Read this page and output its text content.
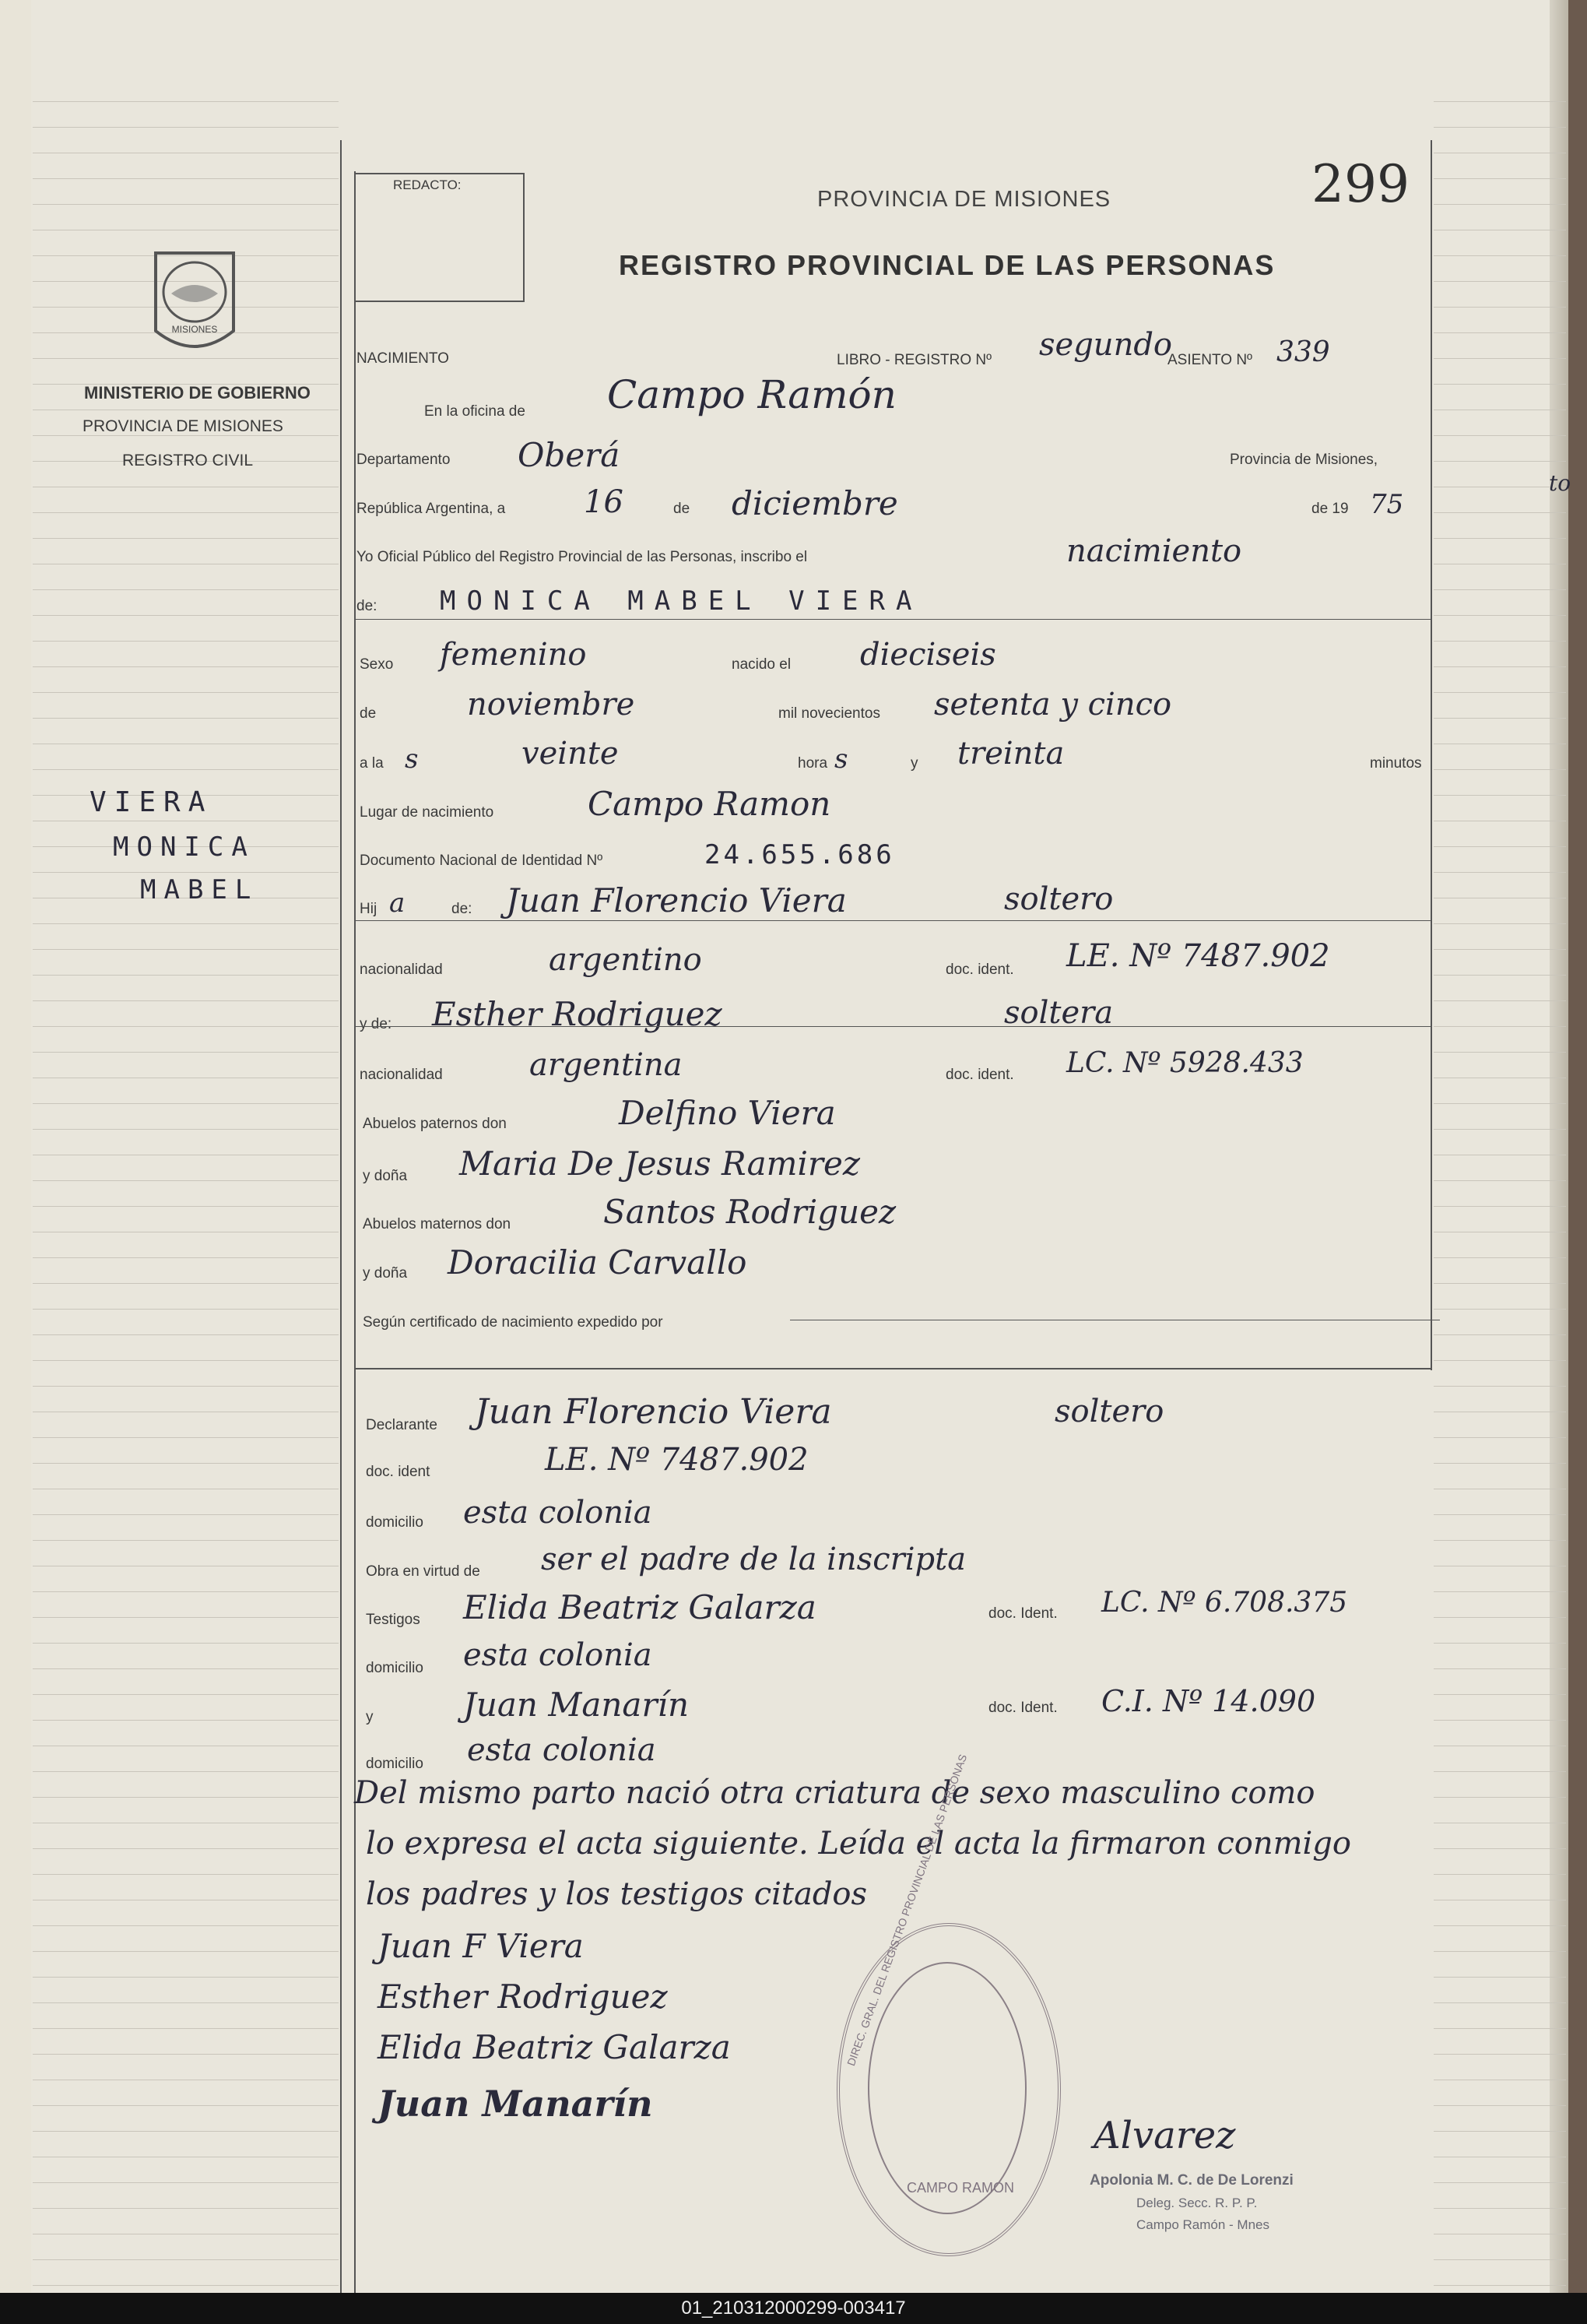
REDACTO:
PROVINCIA DE MISIONES
REGISTRO PROVINCIAL DE LAS PERSONAS
299
MISIONES
MINISTERIO DE GOBIERNO
PROVINCIA DE MISIONES
REGISTRO CIVIL
VIERA
MONICA
MABEL
to
NACIMIENTO	LIBRO - REGISTRO Nº segundo
ASIENTO Nº 339
En la oficina de Campo Ramón
Departamento Oberá	Provincia de Misiones,
República Argentina, a	16	de diciembre	de 19 75
Yo Oficial Público del Registro Provincial de las Personas, inscribo el	nacimiento
de: MONICA MABEL VIERA
Sexo femenino	nacido el dieciseis
de	noviembre	mil novecientos setenta y cinco
a la s	veinte	hora s	y treinta	minutos
Lugar de nacimiento	Campo Ramon
Documento Nacional de Identidad Nº	24.655.686
Hij a	de: Juan Florencio Viera	soltero
nacionalidad	argentino	doc. ident. LE. Nº 7487.902
y de: Esther Rodriguez	soltera
nacionalidad	argentina	doc. ident. LC. Nº 5928.433
Abuelos paternos don	Delfino Viera
y doña Maria De Jesus Ramirez
Abuelos maternos don	Santos Rodriguez
y doña Doracilia Carvallo
Según certificado de nacimiento expedido por
Declarante Juan Florencio Viera	soltero
doc. ident	LE. Nº 7487.902
domicilio esta colonia
Obra en virtud de ser el padre de la inscripta
Testigos Elida Beatriz Galarza	doc. Ident. LC. Nº 6.708.375
domicilio esta colonia
y	Juan Manarín	doc. Ident. C.I. Nº 14.090
domicilio esta colonia
Del mismo parto nació otra criatura de sexo masculino como
lo expresa el acta siguiente. Leída el acta la firmaron conmigo
los padres y los testigos citados
Juan F Viera
Esther Rodriguez
Elida Beatriz Galarza
Juan Manarín
DIREC. GRAL. DEL REGISTRO PROVINCIAL DE LAS PERSONAS
CAMPO RAMON
Alvarez
Apolonia M. C. de De Lorenzi
Deleg. Secc. R. P. P.
Campo Ramón - Mnes
01_210312000299-003417
